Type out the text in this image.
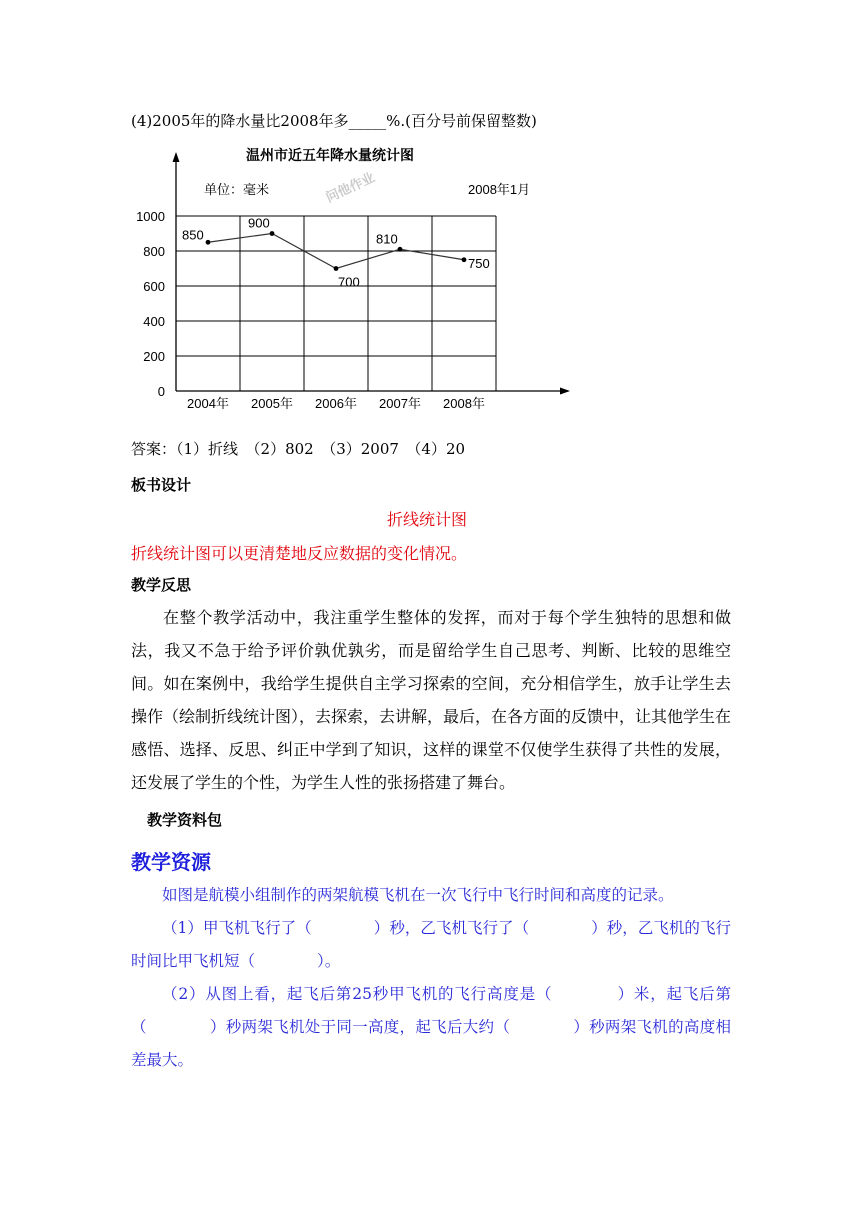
(4)2005年的降水量比2008年多_____%.(百分号前保留整数)
0
200
400
600
800
1000
2004年 2005年 2006年 2007年 2008年
850
900
700
810
750
温州市近五年降水量统计图
单位：毫米	2008年1月
问他作业
答案：（1）折线　（2）802　（3）2007　（4）20
板书设计
折线统计图
折线统计图可以更清楚地反应数据的变化情况。
教学反思

在整个教学活动中，我注重学生整体的发挥，而对于每个学生独特的思想和做法，我又不急于给予评价孰优孰劣，而是留给学生自己思考、判断、比较的思维空间。如在案例中，我给学生提供自主学习探索的空间，充分相信学生，放手让学生去操作（绘制折线统计图），去探索，去讲解，最后，在各方面的反馈中，让其他学生在感悟、选择、反思、纠正中学到了知识，这样的课堂不仅使学生获得了共性的发展，还发展了学生的个性，为学生人性的张扬搭建了舞台。

教学资料包
教学资源

如图是航模小组制作的两架航模飞机在一次飞行中飞行时间和高度的记录。

（1）甲飞机飞行了（　　　　）秒，乙飞机飞行了（　　　　）秒，乙飞机的飞行时间比甲飞机短（　　　　）。

（2）从图上看，起飞后第25秒甲飞机的飞行高度是（　　　　）米，起飞后第（　　　　）秒两架飞机处于同一高度，起飞后大约（　　　　）秒两架飞机的高度相差最大。
